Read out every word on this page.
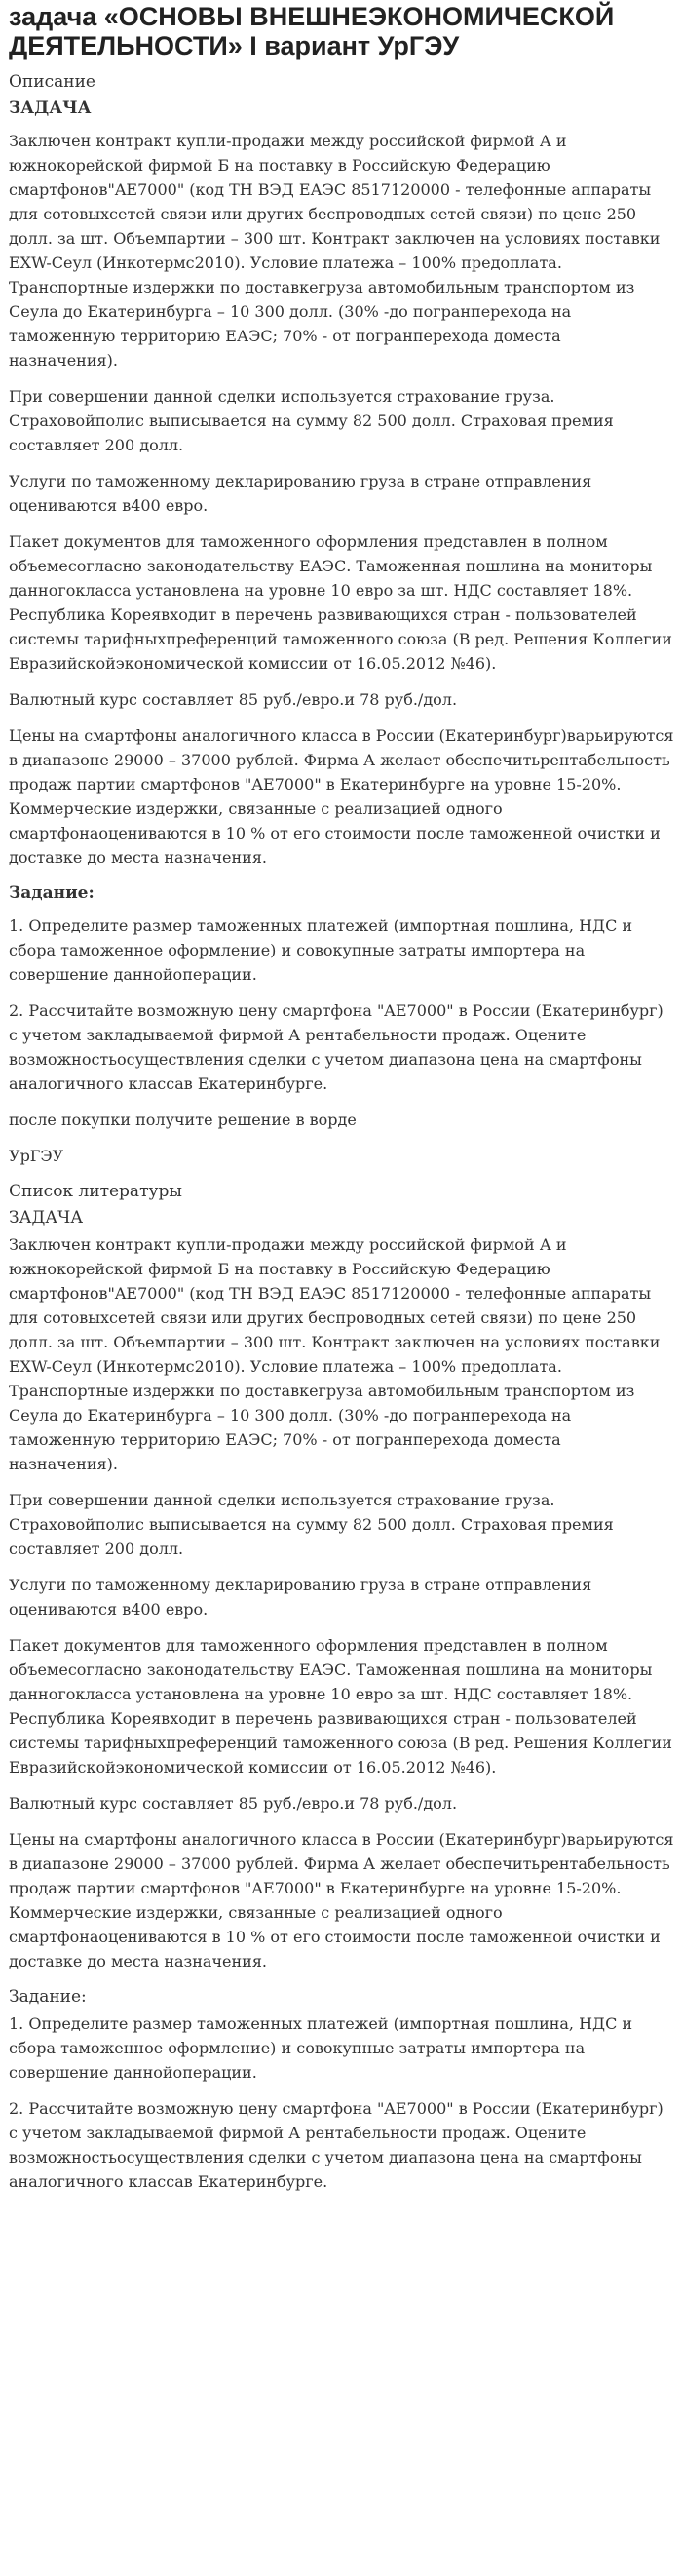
задача «ОСНОВЫ ВНЕШНЕЭКОНОМИЧЕСКОЙ ДЕЯТЕЛЬНОСТИ» I вариант УрГЭУ
Описание
ЗАДАЧА

Заключен контракт купли-продажи между российской фирмой А и южнокорейской фирмой Б на поставку в Российскую Федерацию смартфонов"AE7000" (код ТН ВЭД ЕАЭС 8517120000 - телефонные аппараты для сотовыхсетей связи или других беспроводных сетей связи) по цене 250 долл. за шт. Объемпартии – 300 шт. Контракт заключен на условиях поставки EXW-Сеул (Инкотермс2010). Условие платежа – 100% предоплата. Транспортные издержки по доставкегруза автомобильным транспортом из Сеула до Екатеринбурга – 10 300 долл. (30% -до погранперехода на таможенную территорию ЕАЭС; 70% - от погранперехода доместа назначения).

При совершении данной сделки используется страхование груза. Страховойполис выписывается на сумму 82 500 долл. Страховая премия составляет 200 долл.

Услуги по таможенному декларированию груза в стране отправления оцениваются в400 евро.

Пакет документов для таможенного оформления представлен в полном объемесогласно законодательству ЕАЭС. Таможенная пошлина на мониторы данногокласса установлена на уровне 10 евро за шт. НДС составляет 18%. Республика Кореявходит в перечень развивающихся стран - пользователей системы тарифныхпреференций таможенного союза (В ред. Решения Коллегии Евразийскойэкономической комиссии от 16.05.2012 №46).

Валютный курс составляет 85 руб./евро.и 78 руб./дол.

Цены на смартфоны аналогичного класса в России (Екатеринбург)варьируются в диапазоне 29000 – 37000 рублей. Фирма А желает обеспечитьрентабельность продаж партии смартфонов "AE7000" в Екатеринбурге на уровне 15-20%. Коммерческие издержки, связанные с реализацией одного смартфонаоцениваются в 10 % от его стоимости после таможенной очистки и доставке до места назначения.

Задание:

1. Определите размер таможенных платежей (импортная пошлина, НДС и сбора таможенное оформление) и совокупные затраты импортера на совершение даннойоперации.

2. Рассчитайте возможную цену смартфона "AE7000" в России (Екатеринбург) с учетом закладываемой фирмой А рентабельности продаж. Оцените возможностьосуществления сделки с учетом диапазона цена на смартфоны аналогичного классав Екатеринбурге.

после покупки получите решение в ворде

УрГЭУ

Список литературы
ЗАДАЧА

Заключен контракт купли-продажи между российской фирмой А и южнокорейской фирмой Б на поставку в Российскую Федерацию смартфонов"AE7000" (код ТН ВЭД ЕАЭС 8517120000 - телефонные аппараты для сотовыхсетей связи или других беспроводных сетей связи) по цене 250 долл. за шт. Объемпартии – 300 шт. Контракт заключен на условиях поставки EXW-Сеул (Инкотермс2010). Условие платежа – 100% предоплата. Транспортные издержки по доставкегруза автомобильным транспортом из Сеула до Екатеринбурга – 10 300 долл. (30% -до погранперехода на таможенную территорию ЕАЭС; 70% - от погранперехода доместа назначения).

При совершении данной сделки используется страхование груза. Страховойполис выписывается на сумму 82 500 долл. Страховая премия составляет 200 долл.

Услуги по таможенному декларированию груза в стране отправления оцениваются в400 евро.

Пакет документов для таможенного оформления представлен в полном объемесогласно законодательству ЕАЭС. Таможенная пошлина на мониторы данногокласса установлена на уровне 10 евро за шт. НДС составляет 18%. Республика Кореявходит в перечень развивающихся стран - пользователей системы тарифныхпреференций таможенного союза (В ред. Решения Коллегии Евразийскойэкономической комиссии от 16.05.2012 №46).

Валютный курс составляет 85 руб./евро.и 78 руб./дол.

Цены на смартфоны аналогичного класса в России (Екатеринбург)варьируются в диапазоне 29000 – 37000 рублей. Фирма А желает обеспечитьрентабельность продаж партии смартфонов "AE7000" в Екатеринбурге на уровне 15-20%. Коммерческие издержки, связанные с реализацией одного смартфонаоцениваются в 10 % от его стоимости после таможенной очистки и доставке до места назначения.

Задание:

1. Определите размер таможенных платежей (импортная пошлина, НДС и сбора таможенное оформление) и совокупные затраты импортера на совершение даннойоперации.

2. Рассчитайте возможную цену смартфона "AE7000" в России (Екатеринбург) с учетом закладываемой фирмой А рентабельности продаж. Оцените возможностьосуществления сделки с учетом диапазона цена на смартфоны аналогичного классав Екатеринбурге.
